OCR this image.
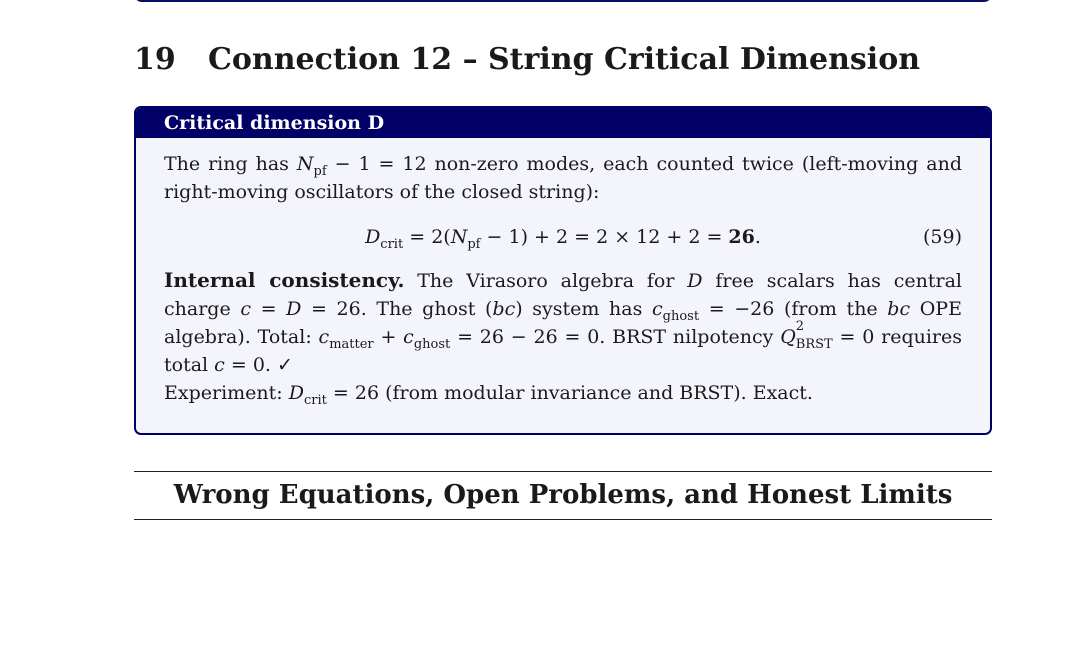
19 Connection 12 – String Critical Dimension
Critical dimension D

The ring has $N_{pf} - 1 = 12$ non-zero modes, each counted twice (left-moving and right-moving oscillators of the closed string):

$D_{crit} = 2(N_{pf} - 1) + 2 = 2 \times 12 + 2 = 26$.	(59)

Internal consistency. The Virasoro algebra for D free scalars has central charge c = D = 26. The ghost (bc) system has $c_{ghost} = -26$ (from the bc OPE algebra). Total: $c_{matter} + c_{ghost} = 26 - 26 = 0$. BRST nilpotency Q 2
$_{BRST}$ = 0 requires total c = 0. ✓

Experiment: $D_{crit} = 26$ (from modular invariance and BRST). Exact.

Wrong Equations, Open Problems, and Honest Limits
